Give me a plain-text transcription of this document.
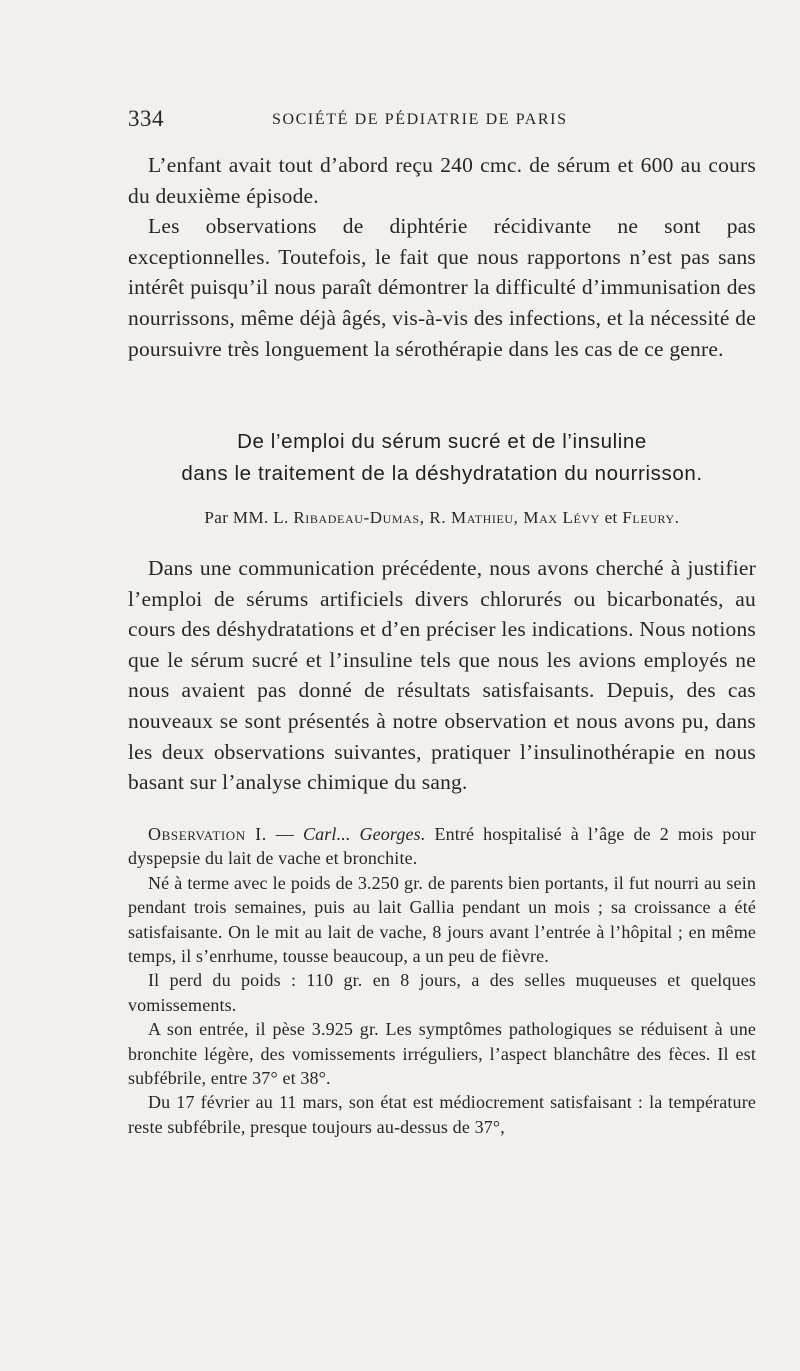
334	SOCIÉTÉ DE PÉDIATRIE DE PARIS

L’enfant avait tout d’abord reçu 240 cmc. de sérum et 600 au cours du deuxième épisode.

Les observations de diphtérie récidivante ne sont pas exceptionnelles. Toutefois, le fait que nous rapportons n’est pas sans intérêt puisqu’il nous paraît démontrer la difficulté d’immunisation des nourrissons, même déjà âgés, vis-à-vis des infections, et la nécessité de poursuivre très longuement la sérothérapie dans les cas de ce genre.

De l’emploi du sérum sucré et de l’insuline
dans le traitement de la déshydratation du nourrisson.
Par MM. L. Ribadeau-Dumas, R. Mathieu, Max Lévy et Fleury.

Dans une communication précédente, nous avons cherché à justifier l’emploi de sérums artificiels divers chlorurés ou bicarbonatés, au cours des déshydratations et d’en préciser les indications. Nous notions que le sérum sucré et l’insuline tels que nous les avions employés ne nous avaient pas donné de résultats satisfaisants. Depuis, des cas nouveaux se sont présentés à notre observation et nous avons pu, dans les deux observations suivantes, pratiquer l’insulinothérapie en nous basant sur l’analyse chimique du sang.

Observation I. — Carl... Georges. Entré hospitalisé à l’âge de 2 mois pour dyspepsie du lait de vache et bronchite.

Né à terme avec le poids de 3.250 gr. de parents bien portants, il fut nourri au sein pendant trois semaines, puis au lait Gallia pendant un mois ; sa croissance a été satisfaisante. On le mit au lait de vache, 8 jours avant l’entrée à l’hôpital ; en même temps, il s’enrhume, tousse beaucoup, a un peu de fièvre.

Il perd du poids : 110 gr. en 8 jours, a des selles muqueuses et quelques vomissements.

A son entrée, il pèse 3.925 gr. Les symptômes pathologiques se réduisent à une bronchite légère, des vomissements irréguliers, l’aspect blanchâtre des fèces. Il est subfébrile, entre 37° et 38°.

Du 17 février au 11 mars, son état est médiocrement satisfaisant : la température reste subfébrile, presque toujours au-dessus de 37°,
